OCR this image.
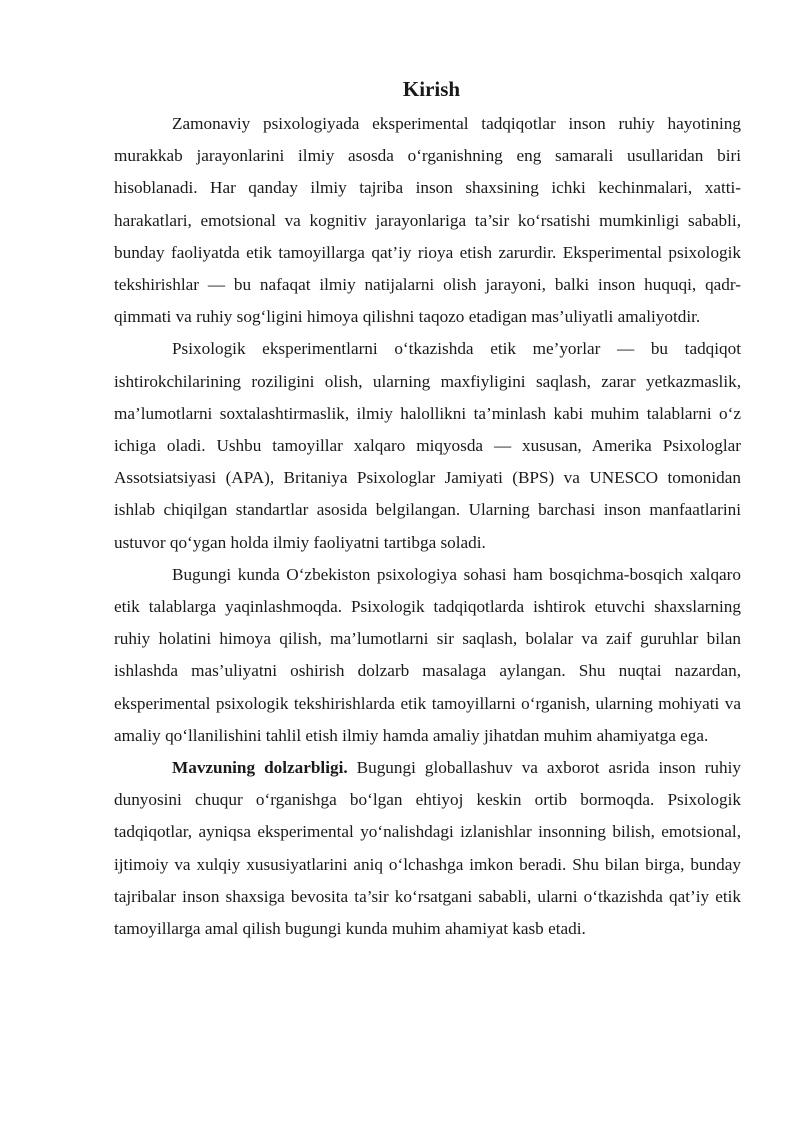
Kirish

Zamonaviy psixologiyada eksperimental tadqiqotlar inson ruhiy hayotining murakkab jarayonlarini ilmiy asosda o‘rganishning eng samarali usullaridan biri hisoblanadi. Har qanday ilmiy tajriba inson shaxsining ichki kechinmalari, xatti-harakatlari, emotsional va kognitiv jarayonlariga ta’sir ko‘rsatishi mumkinligi sababli, bunday faoliyatda etik tamoyillarga qat’iy rioya etish zarurdir. Eksperimental psixologik tekshirishlar — bu nafaqat ilmiy natijalarni olish jarayoni, balki inson huquqi, qadr-qimmati va ruhiy sog‘ligini himoya qilishni taqozo etadigan mas’uliyatli amaliyotdir.

Psixologik eksperimentlarni o‘tkazishda etik me’yorlar — bu tadqiqot ishtirokchilarining roziligini olish, ularning maxfiyligini saqlash, zarar yetkazmaslik, ma’lumotlarni soxtalashtirmaslik, ilmiy halollikni ta’minlash kabi muhim talablarni o‘z ichiga oladi. Ushbu tamoyillar xalqaro miqyosda — xususan, Amerika Psixologlar Assotsiatsiyasi (APA), Britaniya Psixologlar Jamiyati (BPS) va UNESCO tomonidan ishlab chiqilgan standartlar asosida belgilangan. Ularning barchasi inson manfaatlarini ustuvor qo‘ygan holda ilmiy faoliyatni tartibga soladi.

Bugungi kunda O‘zbekiston psixologiya sohasi ham bosqichma-bosqich xalqaro etik talablarga yaqinlashmoqda. Psixologik tadqiqotlarda ishtirok etuvchi shaxslarning ruhiy holatini himoya qilish, ma’lumotlarni sir saqlash, bolalar va zaif guruhlar bilan ishlashda mas’uliyatni oshirish dolzarb masalaga aylangan. Shu nuqtai nazardan, eksperimental psixologik tekshirishlarda etik tamoyillarni o‘rganish, ularning mohiyati va amaliy qo‘llanilishini tahlil etish ilmiy hamda amaliy jihatdan muhim ahamiyatga ega.

Mavzuning dolzarbligi. Bugungi globallashuv va axborot asrida inson ruhiy dunyosini chuqur o‘rganishga bo‘lgan ehtiyoj keskin ortib bormoqda. Psixologik tadqiqotlar, ayniqsa eksperimental yo‘nalishdagi izlanishlar insonning bilish, emotsional, ijtimoiy va xulqiy xususiyatlarini aniq o‘lchashga imkon beradi. Shu bilan birga, bunday tajribalar inson shaxsiga bevosita ta’sir ko‘rsatgani sababli, ularni o‘tkazishda qat’iy etik tamoyillarga amal qilish bugungi kunda muhim ahamiyat kasb etadi.
